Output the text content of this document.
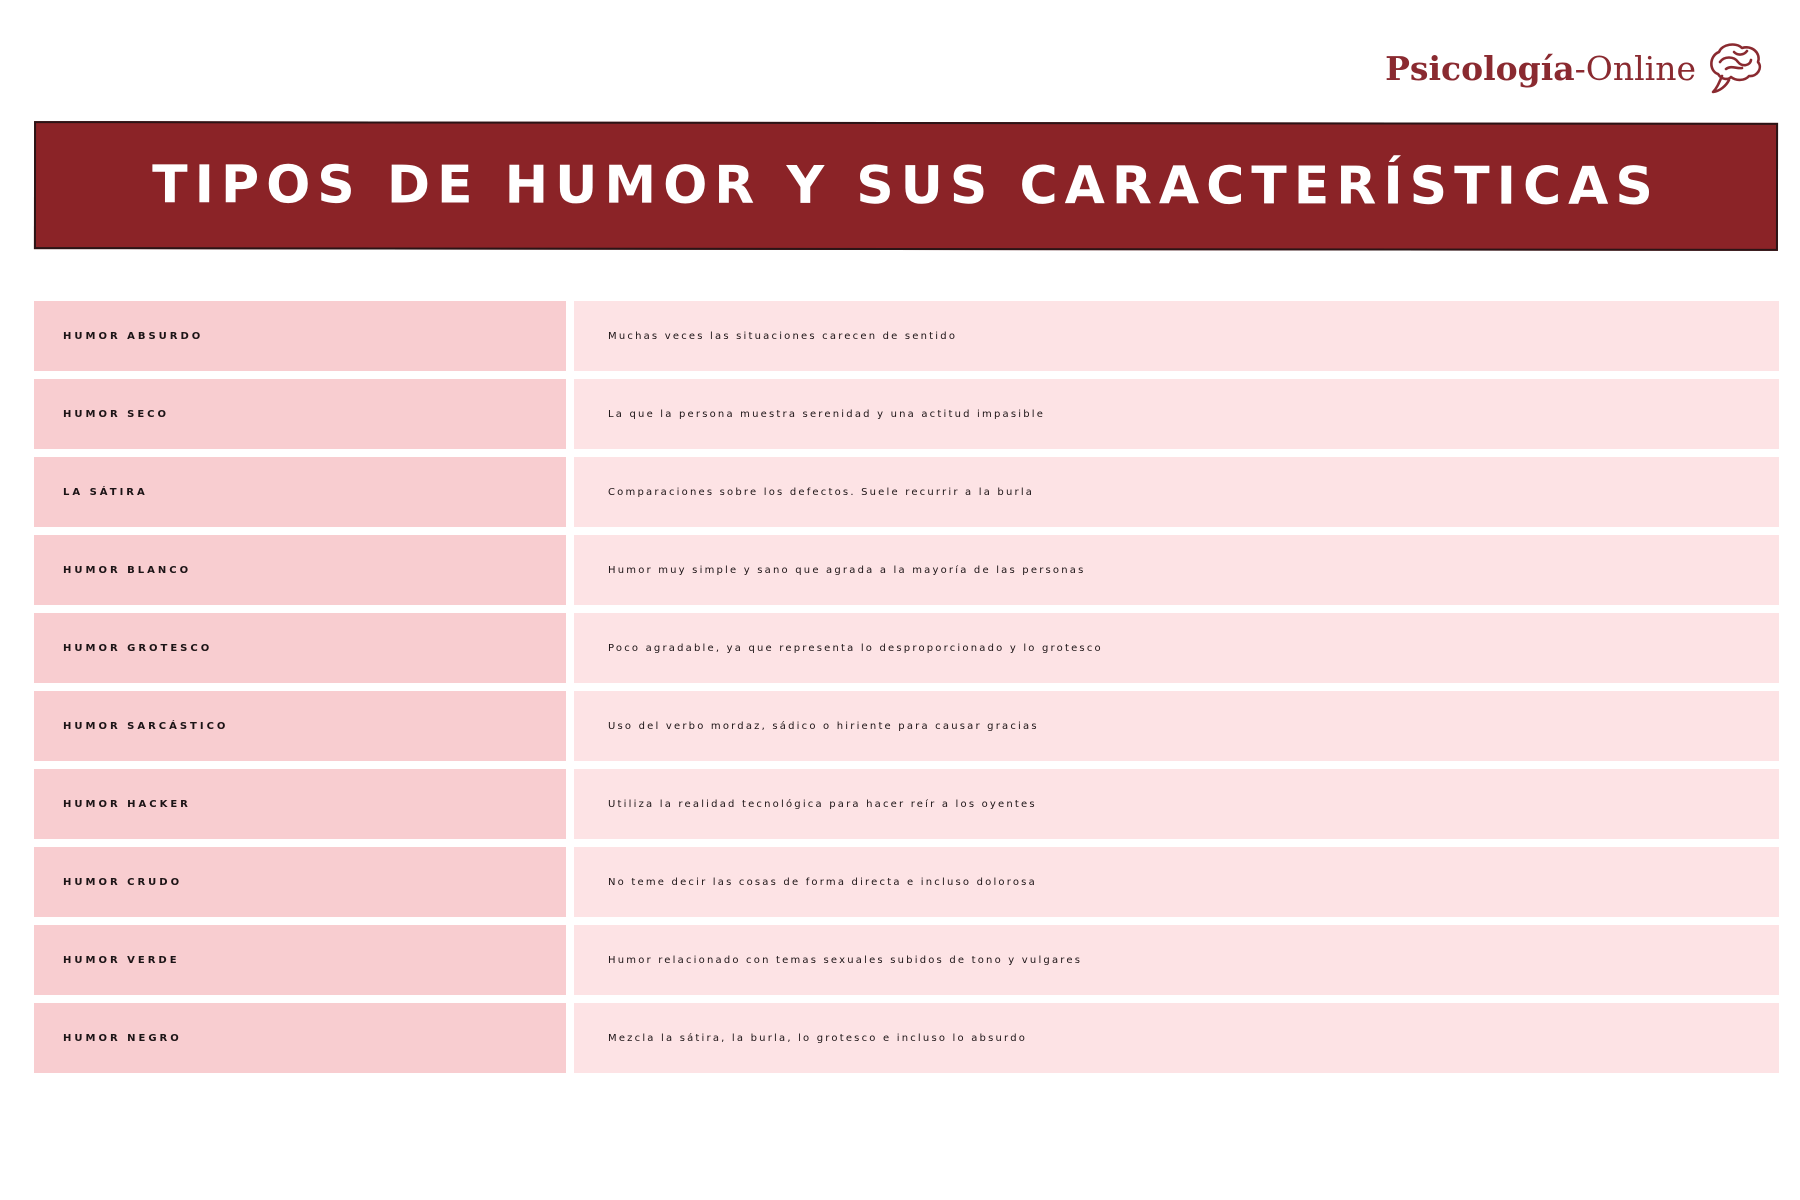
Psicología-Online
TIPOS DE HUMOR Y SUS CARACTERÍSTICAS
HUMOR ABSURDO	Muchas veces las situaciones carecen de sentido
HUMOR SECO	La que la persona muestra serenidad y una actitud impasible
LA SÁTIRA	Comparaciones sobre los defectos. Suele recurrir a la burla
HUMOR BLANCO	Humor muy simple y sano que agrada a la mayoría de las personas
HUMOR GROTESCO	Poco agradable, ya que representa lo desproporcionado y lo grotesco
HUMOR SARCÁSTICO	Uso del verbo mordaz, sádico o hiriente para causar gracias
HUMOR HACKER	Utiliza la realidad tecnológica para hacer reír a los oyentes
HUMOR CRUDO	No teme decir las cosas de forma directa e incluso dolorosa
HUMOR VERDE	Humor relacionado con temas sexuales subidos de tono y vulgares
HUMOR NEGRO	Mezcla la sátira, la burla, lo grotesco e incluso lo absurdo
